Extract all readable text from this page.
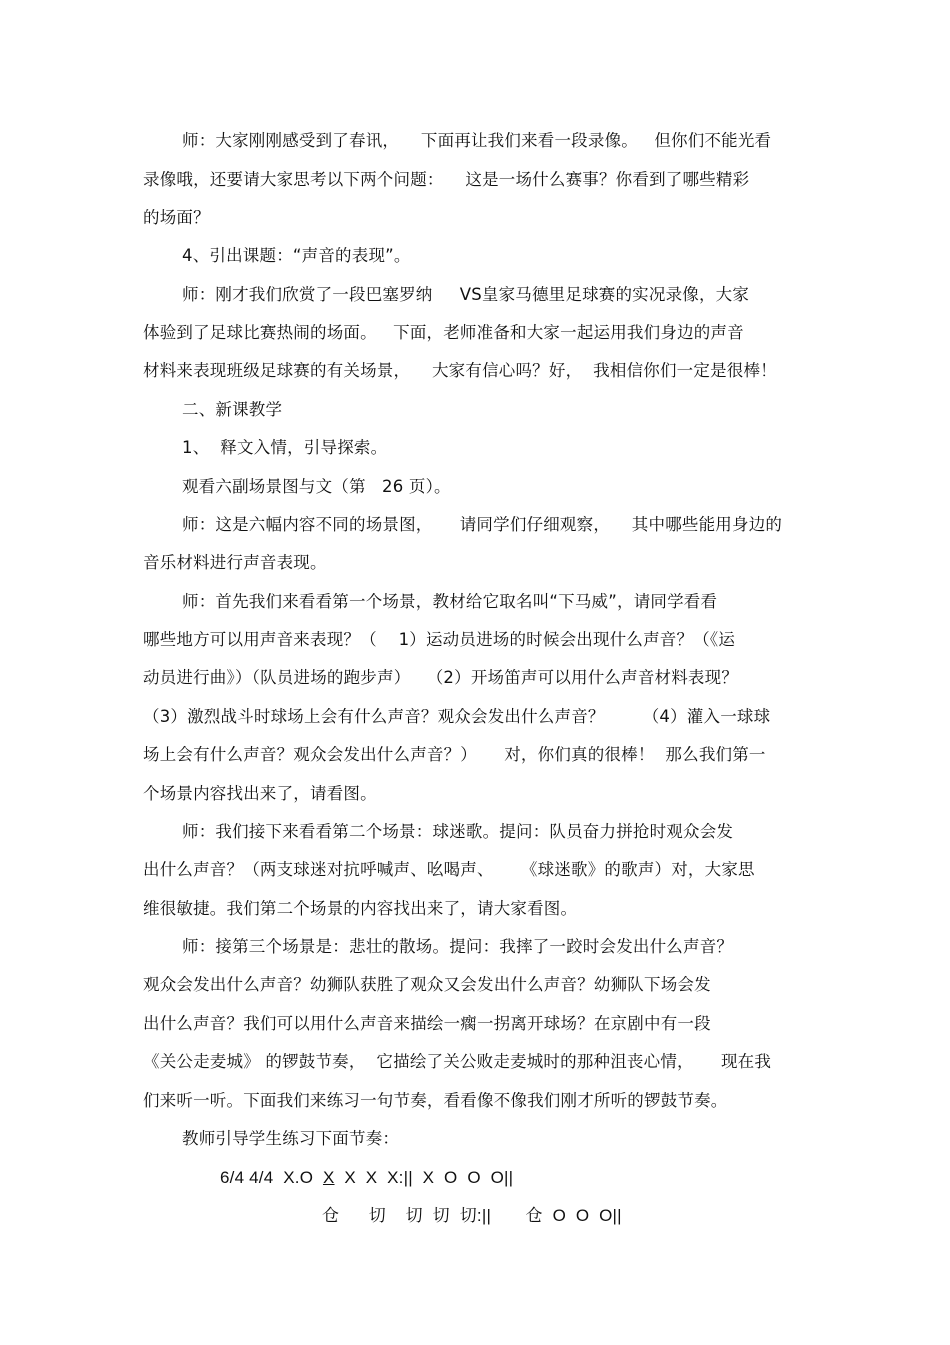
师：大家刚刚感受到了春讯，    下面再让我们来看一段录像。   但你们不能光看
录像哦，还要请大家思考以下两个问题：    这是一场什么赛事？你看到了哪些精彩
的场面？
4、引出课题：“声音的表现”。
师：刚才我们欣赏了一段巴塞罗纳     VS皇家马德里足球赛的实况录像，大家
体验到了足球比赛热闹的场面。   下面，老师准备和大家一起运用我们身边的声音
材料来表现班级足球赛的有关场景，    大家有信心吗？好，  我相信你们一定是很棒！
二、新课教学
1、  释文入情，引导探索。
观看六副场景图与文（第   26 页）。
师：这是六幅内容不同的场景图，     请同学们仔细观察，    其中哪些能用身边的
音乐材料进行声音表现。
师：首先我们来看看第一个场景，教材给它取名叫“下马威”，请同学看看
哪些地方可以用声音来表现？（    1）运动员进场的时候会出现什么声音？（《运
动员进行曲》）（队员进场的跑步声）   （2）开场笛声可以用什么声音材料表现？
（3）激烈战斗时球场上会有什么声音？观众会发出什么声音？       （4）灌入一球球
场上会有什么声音？观众会发出什么声音？）     对，你们真的很棒！  那么我们第一
个场景内容找出来了，请看图。
师：我们接下来看看第二个场景：球迷歌。提问：队员奋力拼抢时观众会发
出什么声音？（两支球迷对抗呼喊声、吆喝声、     《球迷歌》的歌声）对，大家思
维很敏捷。我们第二个场景的内容找出来了，请大家看图。
师：接第三个场景是：悲壮的散场。提问：我摔了一跤时会发出什么声音？
观众会发出什么声音？幼狮队获胜了观众又会发出什么声音？幼狮队下场会发
出什么声音？我们可以用什么声音来描绘一瘸一拐离开球场？在京剧中有一段
《关公走麦城》 的锣鼓节奏，  它描绘了关公败走麦城时的那种沮丧心情，     现在我
们来听一听。下面我们来练习一句节奏，看看像不像我们刚才所听的锣鼓节奏。
教师引导学生练习下面节奏：
6/4 4/4  X.O  X  X  X  X:||  X  O  O  O||
仓      切    切  切  切:||       仓  O  O  O||
